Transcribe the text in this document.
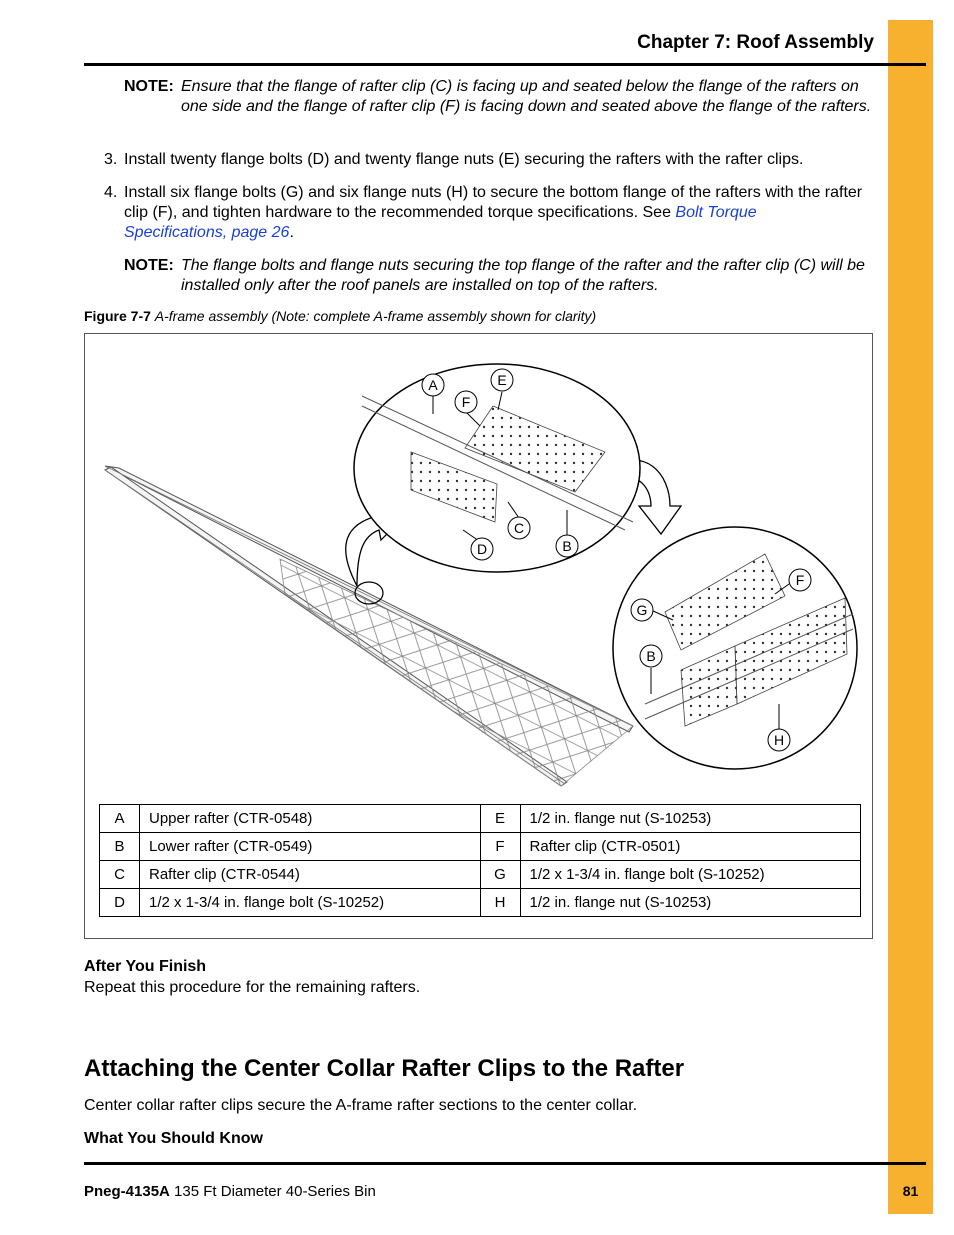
Chapter 7: Roof Assembly
NOTE: Ensure that the flange of rafter clip (C) is facing up and seated below the flange of the rafters on one side and the flange of rafter clip (F) is facing down and seated above the flange of the rafters.
3. Install twenty flange bolts (D) and twenty flange nuts (E) securing the rafters with the rafter clips.
4. Install six flange bolts (G) and six flange nuts (H) to secure the bottom flange of the rafters with the rafter clip (F), and tighten hardware to the recommended torque specifications. See Bolt Torque Specifications, page 26.
NOTE: The flange bolts and flange nuts securing the top flange of the rafter and the rafter clip (C) will be installed only after the roof panels are installed on top of the rafters.
Figure 7-7 A-frame assembly (Note: complete A-frame assembly shown for clarity)
A
F
E
C
D	B
G
B
F
H
A	Upper rafter (CTR-0548)	E	1/2 in. flange nut (S-10253)
B	Lower rafter (CTR-0549)	F	Rafter clip (CTR-0501)
C	Rafter clip (CTR-0544)	G	1/2 x 1-3/4 in. flange bolt (S-10252)
D	1/2 x 1-3/4 in. flange bolt (S-10252)	H	1/2 in. flange nut (S-10253)
After You Finish
Repeat this procedure for the remaining rafters.
Attaching the Center Collar Rafter Clips to the Rafter
Center collar rafter clips secure the A-frame rafter sections to the center collar.
What You Should Know
Pneg-4135A 135 Ft Diameter 40-Series Bin	81
